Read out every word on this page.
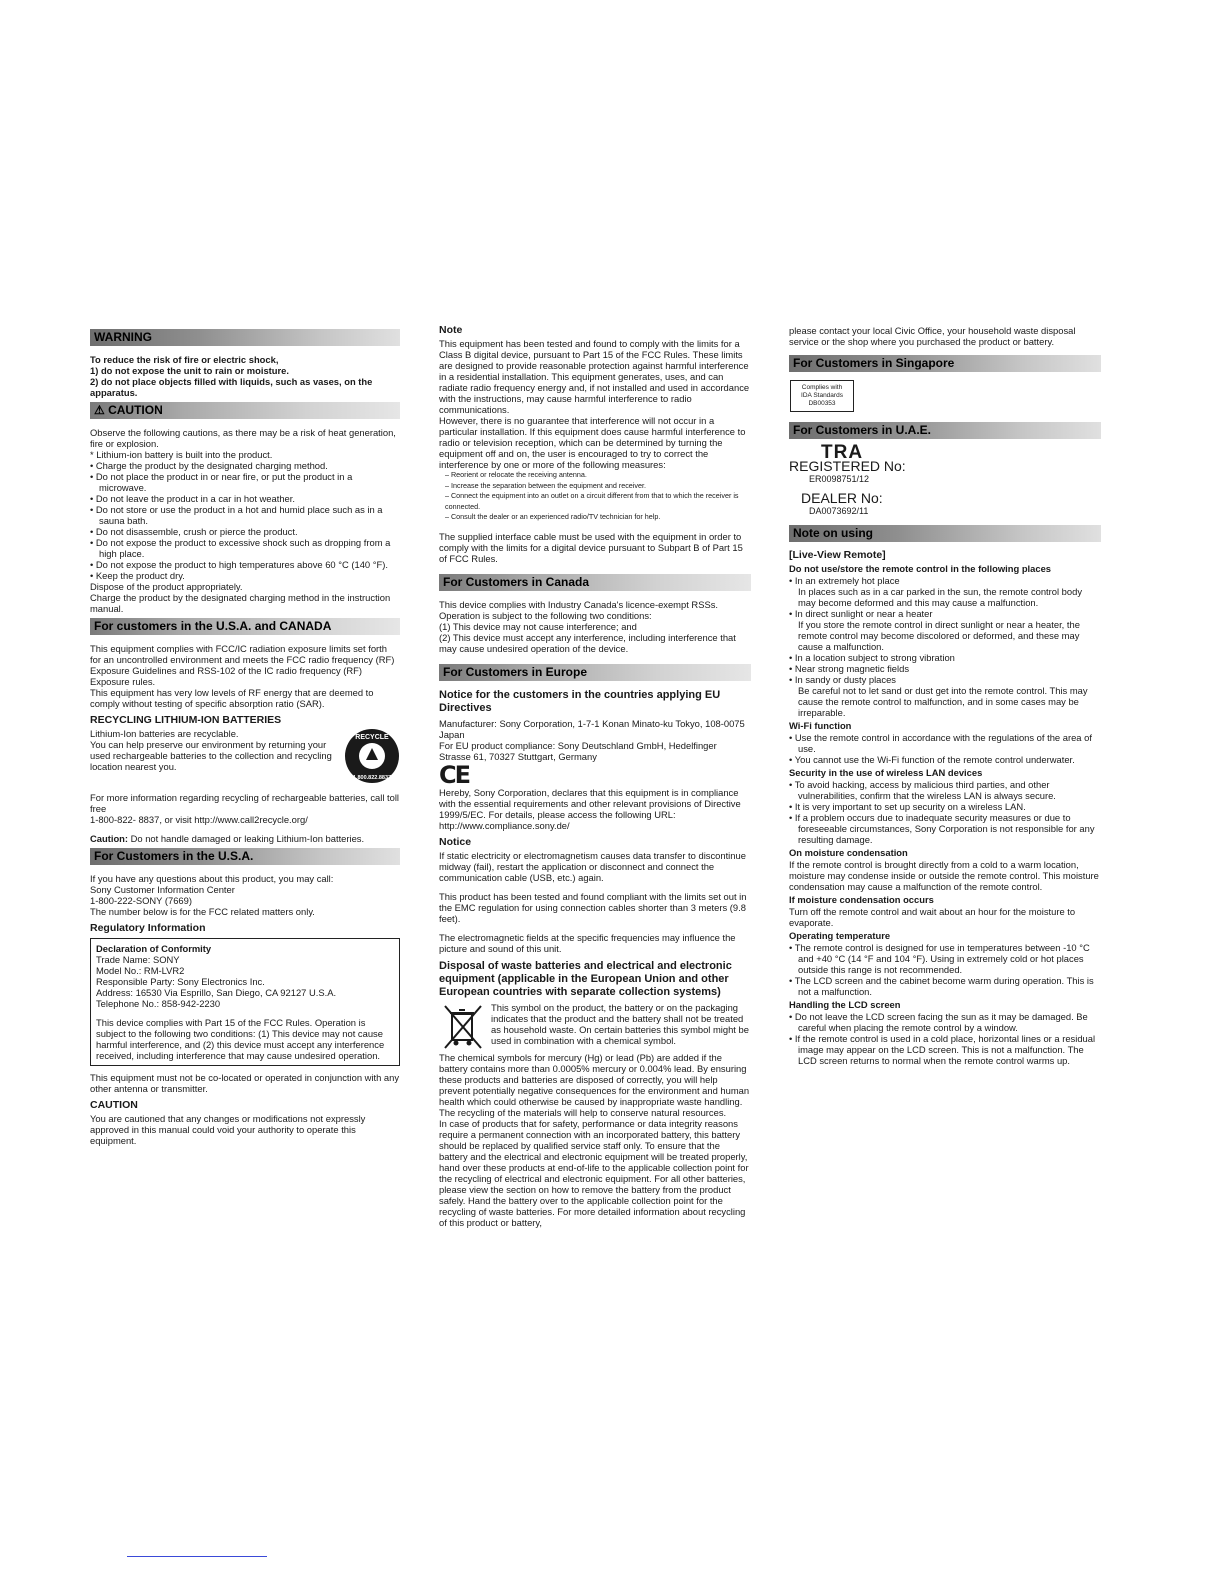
WARNING

To reduce the risk of fire or electric shock,

1) do not expose the unit to rain or moisture.

2) do not place objects filled with liquids, such as vases, on the apparatus.

⚠ CAUTION

Observe the following cautions, as there may be a risk of heat generation, fire or explosion.

* Lithium-ion battery is built into the product.

• Charge the product by the designated charging method.

• Do not place the product in or near fire, or put the product in a microwave.

• Do not leave the product in a car in hot weather.

• Do not store or use the product in a hot and humid place such as in a sauna bath.

• Do not disassemble, crush or pierce the product.

• Do not expose the product to excessive shock such as dropping from a high place.

• Do not expose the product to high temperatures above 60 °C (140 °F).

• Keep the product dry.

Dispose of the product appropriately.

Charge the product by the designated charging method in the instruction manual.

For customers in the U.S.A. and CANADA

This equipment complies with FCC/IC radiation exposure limits set forth for an uncontrolled environment and meets the FCC radio frequency (RF) Exposure Guidelines and RSS-102 of the IC radio frequency (RF) Exposure rules.

This equipment has very low levels of RF energy that are deemed to comply without testing of specific absorption ratio (SAR).

RECYCLING LITHIUM-ION BATTERIES

Lithium-Ion batteries are recyclable.

You can help preserve our environment by returning your used rechargeable batteries to the collection and recycling location nearest you.

RECYCLE
1.800.822.8837

For more information regarding recycling of rechargeable batteries, call toll free

1-800-822- 8837, or visit http://www.call2recycle.org/

Caution: Do not handle damaged or leaking Lithium-Ion batteries.

For Customers in the U.S.A.

If you have any questions about this product, you may call:

Sony Customer Information Center

1-800-222-SONY (7669)

The number below is for the FCC related matters only.

Regulatory Information

Declaration of Conformity

Trade Name: SONY

Model No.: RM-LVR2

Responsible Party: Sony Electronics Inc.

Address: 16530 Via Esprillo, San Diego, CA 92127 U.S.A.

Telephone No.: 858-942-2230

This device complies with Part 15 of the FCC Rules. Operation is subject to the following two conditions: (1) This device may not cause harmful interference, and (2) this device must accept any interference received, including interference that may cause undesired operation.

This equipment must not be co-located or operated in conjunction with any other antenna or transmitter.

CAUTION

You are cautioned that any changes or modifications not expressly approved in this manual could void your authority to operate this equipment.

Note

This equipment has been tested and found to comply with the limits for a Class B digital device, pursuant to Part 15 of the FCC Rules. These limits are designed to provide reasonable protection against harmful interference in a residential installation. This equipment generates, uses, and can radiate radio frequency energy and, if not installed and used in accordance with the instructions, may cause harmful interference to radio communications.

However, there is no guarantee that interference will not occur in a particular installation. If this equipment does cause harmful interference to radio or television reception, which can be determined by turning the equipment off and on, the user is encouraged to try to correct the interference by one or more of the following measures:

– Reorient or relocate the receiving antenna.

– Increase the separation between the equipment and receiver.

– Connect the equipment into an outlet on a circuit different from that to which the receiver is connected.

– Consult the dealer or an experienced radio/TV technician for help.

The supplied interface cable must be used with the equipment in order to comply with the limits for a digital device pursuant to Subpart B of Part 15 of FCC Rules.

For Customers in Canada

This device complies with Industry Canada's licence-exempt RSSs. Operation is subject to the following two conditions:

(1) This device may not cause interference; and

(2) This device must accept any interference, including interference that may cause undesired operation of the device.

For Customers in Europe
Notice for the customers in the countries applying EU Directives

Manufacturer: Sony Corporation, 1-7-1 Konan Minato-ku Tokyo, 108-0075 Japan

For EU product compliance: Sony Deutschland GmbH, Hedelfinger Strasse 61, 70327 Stuttgart, Germany

CE

Hereby, Sony Corporation, declares that this equipment is in compliance with the essential requirements and other relevant provisions of Directive 1999/5/EC. For details, please access the following URL: http://www.compliance.sony.de/

Notice

If static electricity or electromagnetism causes data transfer to discontinue midway (fail), restart the application or disconnect and connect the communication cable (USB, etc.) again.

This product has been tested and found compliant with the limits set out in the EMC regulation for using connection cables shorter than 3 meters (9.8 feet).

The electromagnetic fields at the specific frequencies may influence the picture and sound of this unit.

Disposal of waste batteries and electrical and electronic equipment (applicable in the European Union and other European countries with separate collection systems)

This symbol on the product, the battery or on the packaging indicates that the product and the battery shall not be treated as household waste. On certain batteries this symbol might be used in combination with a chemical symbol.

The chemical symbols for mercury (Hg) or lead (Pb) are added if the battery contains more than 0.0005% mercury or 0.004% lead. By ensuring these products and batteries are disposed of correctly, you will help prevent potentially negative consequences for the environment and human health which could otherwise be caused by inappropriate waste handling. The recycling of the materials will help to conserve natural resources.

In case of products that for safety, performance or data integrity reasons require a permanent connection with an incorporated battery, this battery should be replaced by qualified service staff only. To ensure that the battery and the electrical and electronic equipment will be treated properly, hand over these products at end-of-life to the applicable collection point for the recycling of electrical and electronic equipment. For all other batteries, please view the section on how to remove the battery from the product safely. Hand the battery over to the applicable collection point for the recycling of waste batteries. For more detailed information about recycling of this product or battery,

please contact your local Civic Office, your household waste disposal service or the shop where you purchased the product or battery.

For Customers in Singapore
Complies with
IDA Standards
DB00353
For Customers in U.A.E.
TRA
REGISTERED No:
ER0098751/12
DEALER No:
DA0073692/11
Note on using
[Live-View Remote]
Do not use/store the remote control in the following places

• In an extremely hot place

In places such as in a car parked in the sun, the remote control body may become deformed and this may cause a malfunction.

• In direct sunlight or near a heater

If you store the remote control in direct sunlight or near a heater, the remote control may become discolored or deformed, and these may cause a malfunction.

• In a location subject to strong vibration

• Near strong magnetic fields

• In sandy or dusty places

Be careful not to let sand or dust get into the remote control. This may cause the remote control to malfunction, and in some cases may be irreparable.

Wi-Fi function

• Use the remote control in accordance with the regulations of the area of use.

• You cannot use the Wi-Fi function of the remote control underwater.

Security in the use of wireless LAN devices

• To avoid hacking, access by malicious third parties, and other vulnerabilities, confirm that the wireless LAN is always secure.

• It is very important to set up security on a wireless LAN.

• If a problem occurs due to inadequate security measures or due to foreseeable circumstances, Sony Corporation is not responsible for any resulting damage.

On moisture condensation

If the remote control is brought directly from a cold to a warm location, moisture may condense inside or outside the remote control. This moisture condensation may cause a malfunction of the remote control.

If moisture condensation occurs

Turn off the remote control and wait about an hour for the moisture to evaporate.

Operating temperature

• The remote control is designed for use in temperatures between -10 °C and +40 °C (14 °F and 104 °F). Using in extremely cold or hot places outside this range is not recommended.

• The LCD screen and the cabinet become warm during operation. This is not a malfunction.

Handling the LCD screen

• Do not leave the LCD screen facing the sun as it may be damaged. Be careful when placing the remote control by a window.

• If the remote control is used in a cold place, horizontal lines or a residual image may appear on the LCD screen. This is not a malfunction. The LCD screen returns to normal when the remote control warms up.
